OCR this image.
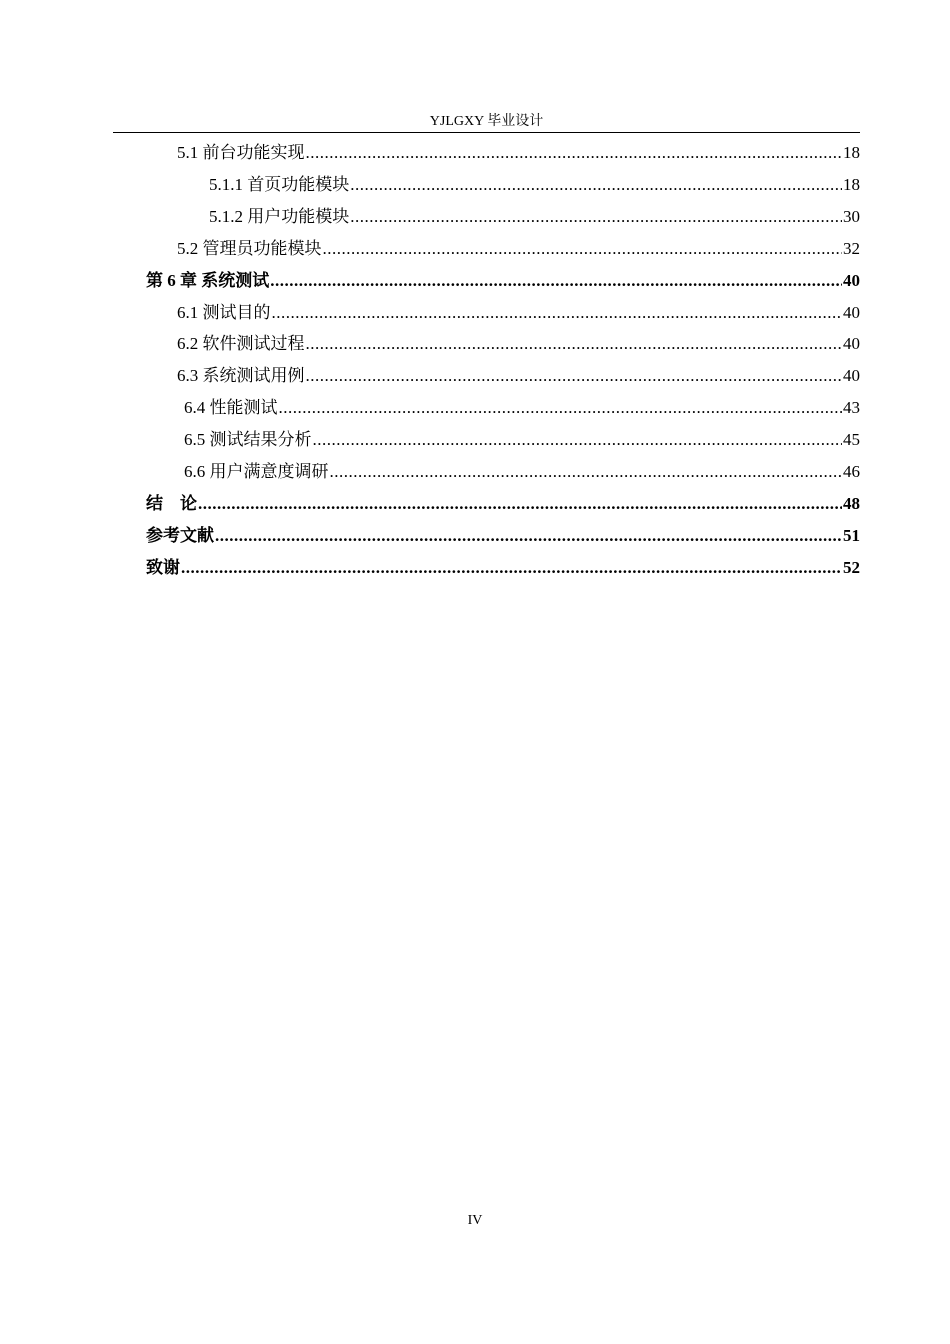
YJLGXY 毕业设计
5.1 前台功能实现 .....	18
5.1.1 首页功能模块 .....	18
5.1.2 用户功能模块 .....	30
5.2 管理员功能模块 .....	32
第 6 章 系统测试 .....	40
6.1 测试目的 .....	40
6.2 软件测试过程 .....	40
6.3 系统测试用例 .....	40
6.4 性能测试 .....	43
6.5 测试结果分析 .....	45
6.6 用户满意度调研 .....	46
结    论 .....	48
参考文献 .....	51
致谢 .....	52
IV
